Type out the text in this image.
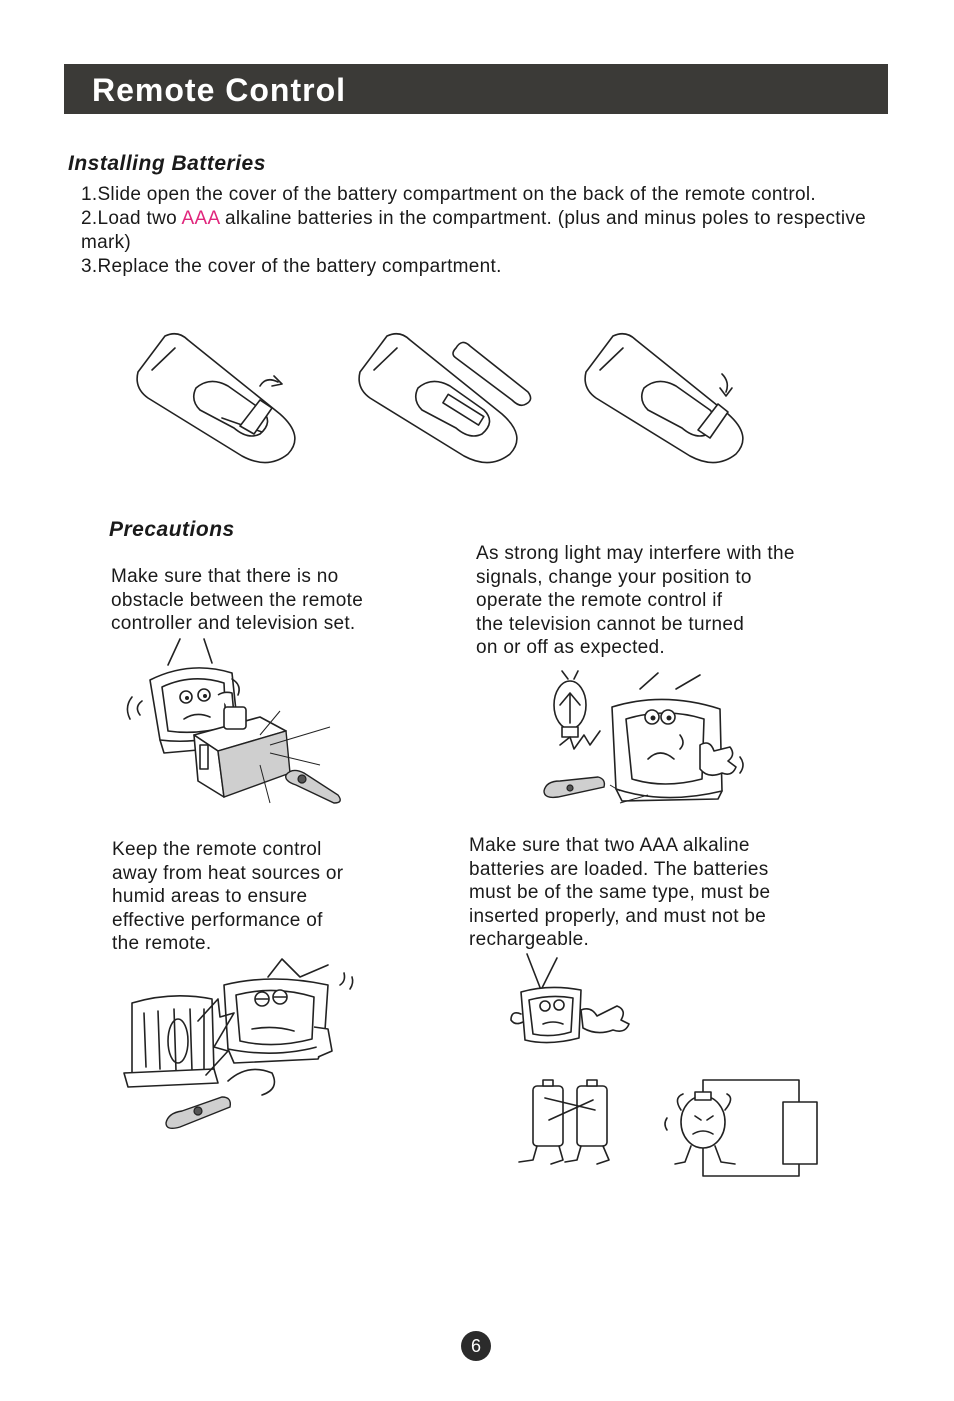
Remote Control
Installing Batteries
1.Slide open the cover of the battery compartment on the back of the remote control.
2.Load two AAA alkaline batteries in the compartment. (plus and minus poles to respective mark)
3.Replace the cover of the battery compartment.
Precautions
Make sure that there is no
obstacle between the remote
controller and television set.
As strong light may interfere with the
signals, change your position to
operate the remote control if
the television cannot be turned
on or off as expected.
Keep the remote control
away from heat sources or
humid areas to ensure
effective performance of
the remote.
Make sure that two AAA alkaline
batteries are loaded. The batteries
must be of the same type, must be
inserted properly, and must not be
rechargeable.
6
